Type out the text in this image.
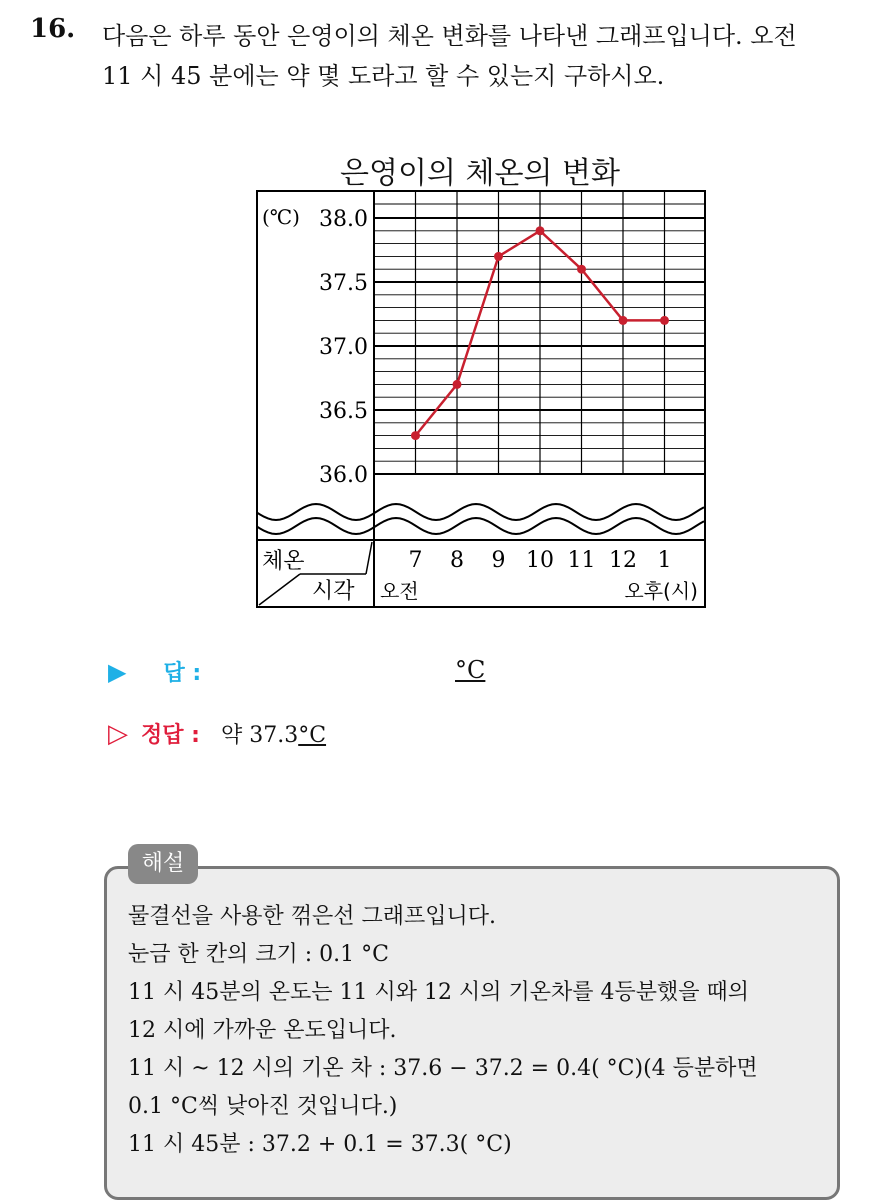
16. 다음은 하루 동안 은영이의 체온 변화를 나타낸 그래프입니다. 오전
11 시 45 분에는 약 몇 도라고 할 수 있는지 구하시오.
은영이의 체온의 변화
38.0
37.5
37.0
36.5
36.0
(℃)
체온
시각
7 8 9 10 11 12 1
오전	오후(시)
▶ 답 :	°C
▷ 정답 : 약 37.3°C
해설
물결선을 사용한 꺾은선 그래프입니다.
눈금 한 칸의 크기 : 0.1 °C
11 시 45분의 온도는 11 시와 12 시의 기온차를 4등분했을 때의
12 시에 가까운 온도입니다.
11 시 ~ 12 시의 기온 차 : 37.6 − 37.2 = 0.4( °C)(4 등분하면
0.1 °C씩 낮아진 것입니다.)
11 시 45분 : 37.2 + 0.1 = 37.3( °C)
